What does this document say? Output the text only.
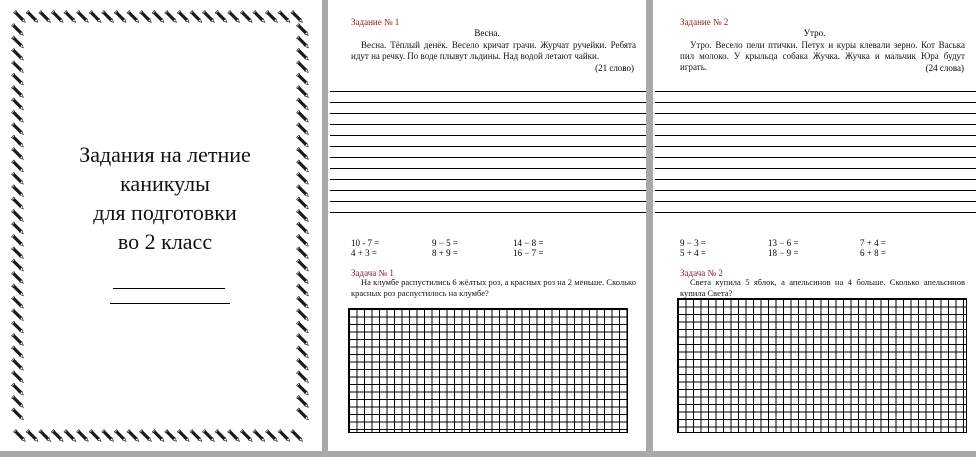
Задания на летние
каникулы
для подготовки
во 2 класс
Задание № 1
Весна.
Весна. Тёплый денёк. Весело кричат грачи. Журчат ручейки. Ребята идут на речку. По воде плывут льдины. Над водой летают чайки.
(21 слово)
10 - 7 =	9 − 5 =	14 − 8 =
4 + 3 =	8 + 9 =	16 − 7 =
Задача № 1
На клумбе распустились 6 жёлтых роз, а красных роз на 2 меньше. Сколько красных роз распустилось на клумбе?
Задание № 2
Утро.
Утро. Весело пели птички. Петух и куры клевали зерно. Кот Васька пил молоко. У крыльца собака Жучка. Жучка и мальчик Юра будут играть.	(24 слова)
9 − 3 =	13 − 6 =	7 + 4 =
5 + 4 =	18 − 9 =	6 + 8 =
Задача № 2
Света купила 5 яблок, а апельсинов на 4 больше. Сколько апельсинов купила Света?
